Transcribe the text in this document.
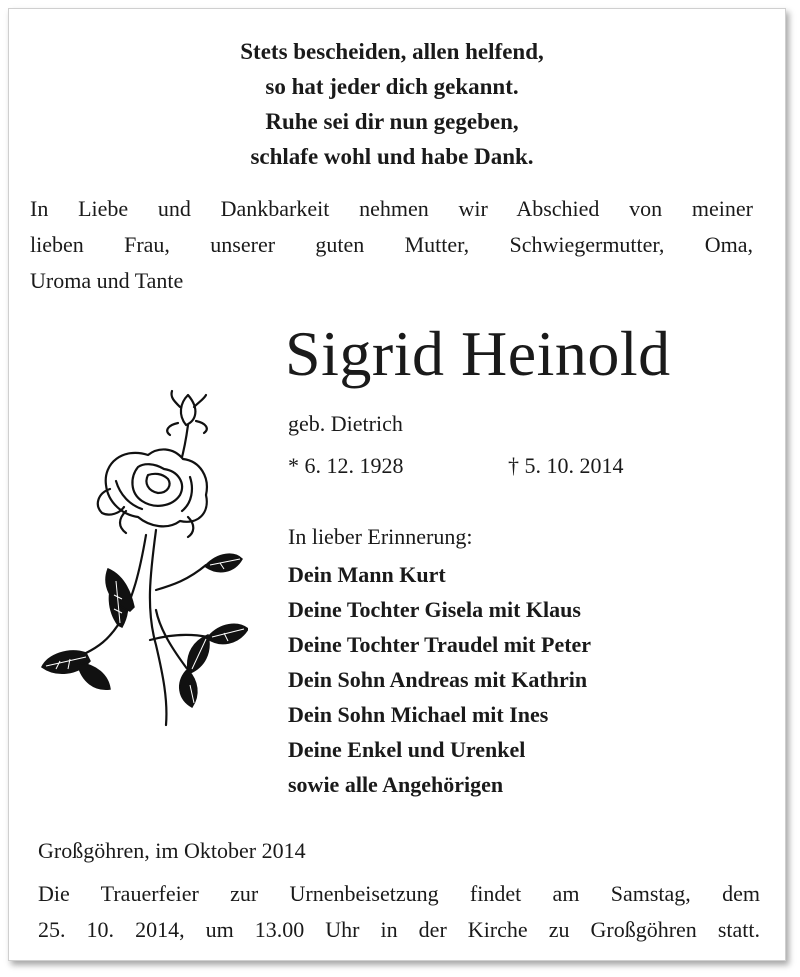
Stets bescheiden, allen helfend,
so hat jeder dich gekannt.
Ruhe sei dir nun gegeben,
schlafe wohl und habe Dank.
In Liebe und Dankbarkeit nehmen wir Abschied von meiner
lieben Frau, unserer guten Mutter, Schwiegermutter, Oma,
Uroma und Tante
Sigrid Heinold
geb. Dietrich
* 6. 12. 1928	† 5. 10. 2014
In lieber Erinnerung:
Dein Mann Kurt
Deine Tochter Gisela mit Klaus
Deine Tochter Traudel mit Peter
Dein Sohn Andreas mit Kathrin
Dein Sohn Michael mit Ines
Deine Enkel und Urenkel
sowie alle Angehörigen
Großgöhren, im Oktober 2014
Die Trauerfeier zur Urnenbeisetzung findet am Samstag, dem
25. 10. 2014, um 13.00 Uhr in der Kirche zu Großgöhren statt.
